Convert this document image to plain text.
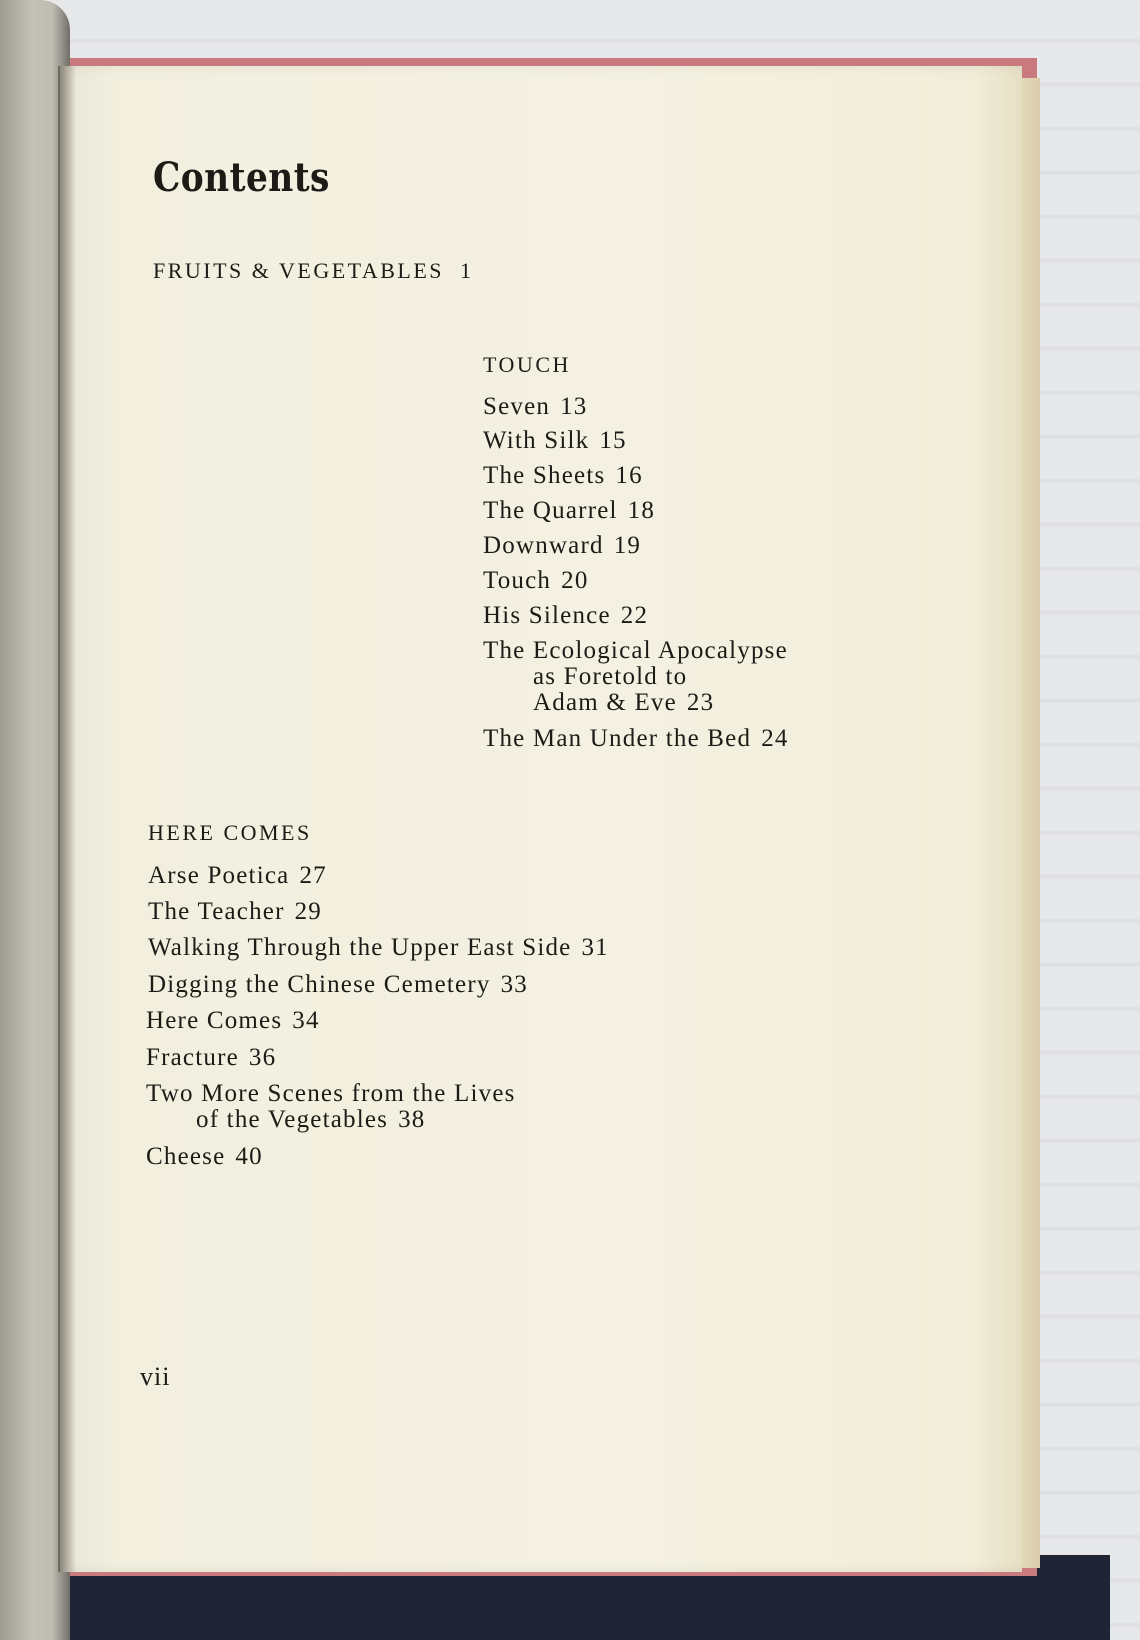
Contents
FRUITS & VEGETABLES 1
TOUCH
Seven 13
With Silk 15
The Sheets 16
The Quarrel 18
Downward 19
Touch 20
His Silence 22
The Ecological Apocalypse
as Foretold to
Adam & Eve 23
The Man Under the Bed 24
HERE COMES
Arse Poetica 27
The Teacher 29
Walking Through the Upper East Side 31
Digging the Chinese Cemetery 33
Here Comes 34
Fracture 36
Two More Scenes from the Lives
of the Vegetables 38
Cheese 40
vii
